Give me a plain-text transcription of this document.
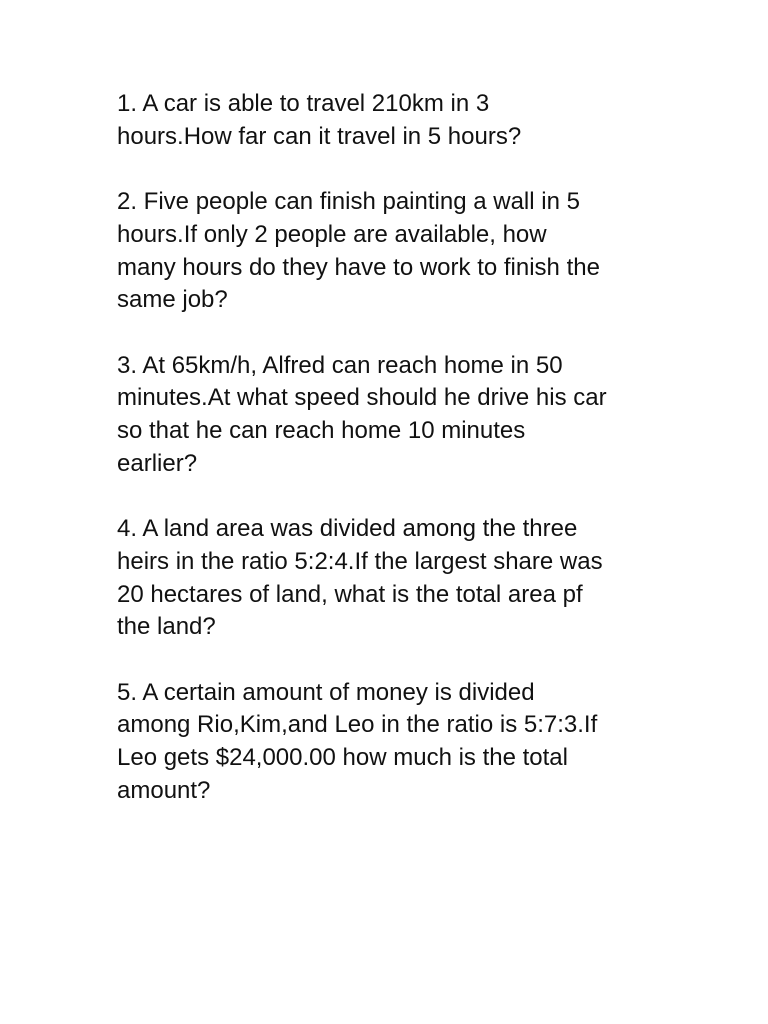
1. A car is able to travel 210km in 3
hours.How far can it travel in 5 hours?

2. Five people can finish painting a wall in 5
hours.If only 2 people are available, how
many hours do they have to work to finish the
same job?

3. At 65km/h, Alfred can reach home in 50
minutes.At what speed should he drive his car
so that he can reach home 10 minutes
earlier?

4. A land area was divided among the three
heirs in the ratio 5:2:4.If the largest share was
20 hectares of land, what is the total area pf
the land?

5. A certain amount of money is divided
among Rio,Kim,and Leo in the ratio is 5:7:3.If
Leo gets $24,000.00 how much is the total
amount?
